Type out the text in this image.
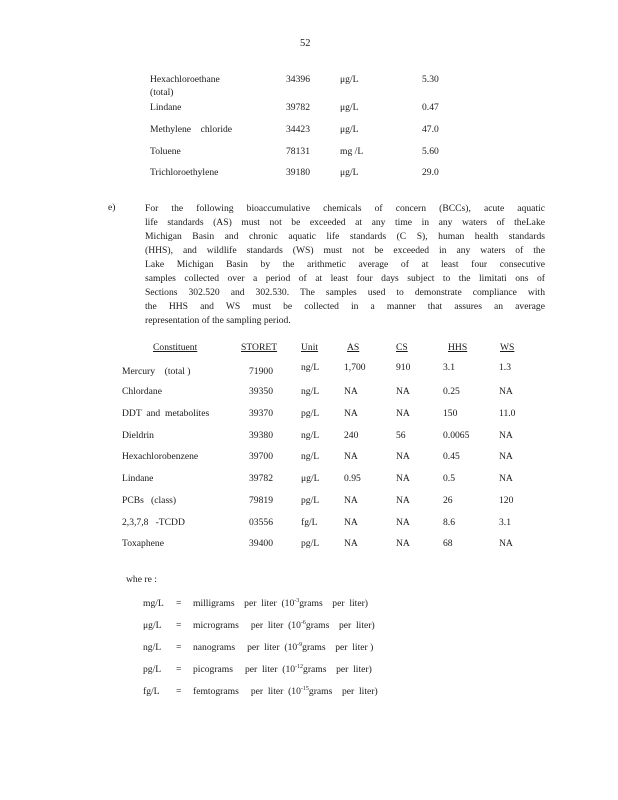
52
Hexachloroethane
(total)
34396	μg/L	5.30
Lindane	39782	μg/L	0.47
Methylene    chloride	34423	μg/L	47.0
Toluene	78131	mg /L	5.60
Trichloroethylene	39180	μg/L	29.0
e)	For the following bioaccumulative chemicals of concern (BCCs), acute aquatic
life standards (AS) must not be exceeded at any time in any waters of theLake
Michigan Basin and chronic aquatic life standards (C S), human health standards
(HHS), and wildlife standards (WS) must not be exceeded in any waters of the
Lake Michigan Basin by the arithmetic average of at least four consecutive
samples collected over a period of at least four days subject to the limitati ons of
Sections 302.520 and 302.530. The samples used to demonstrate compliance with
the HHS and WS must be collected in a manner that assures an average
representation of the sampling period.
Constituent	STORET Unit	AS	CS	HHS	WS
Mercury    (total )	71900	ng/L	1,700	910	3.1	1.3
Chlordane	39350	ng/L	NA	NA	0.25	NA
DDT  and  metabolites	39370	pg/L	NA	NA	150	11.0
Dieldrin	39380	ng/L	240	56	0.0065	NA
Hexachlorobenzene	39700	ng/L	NA	NA	0.45	NA
Lindane	39782	μg/L	0.95	NA	0.5	NA
PCBs   (class)	79819	pg/L	NA	NA	26	120
2,3,7,8   -TCDD	03556	fg/L	NA	NA	8.6	3.1
Toxaphene	39400	pg/L	NA	NA	68	NA
whe re :
mg/L = milligrams    per  liter  ($10^{-3}grams$    per  liter)
μg/L = micrograms     per  liter  ($10^{-6}grams$    per  liter)
ng/L = nanograms     per  liter  ($10^{-9}grams$    per  liter )
pg/L = picograms     per  liter  ($10^{-12}grams$    per  liter)
fg/L = femtograms     per  liter  ($10^{-15}grams$    per  liter)
